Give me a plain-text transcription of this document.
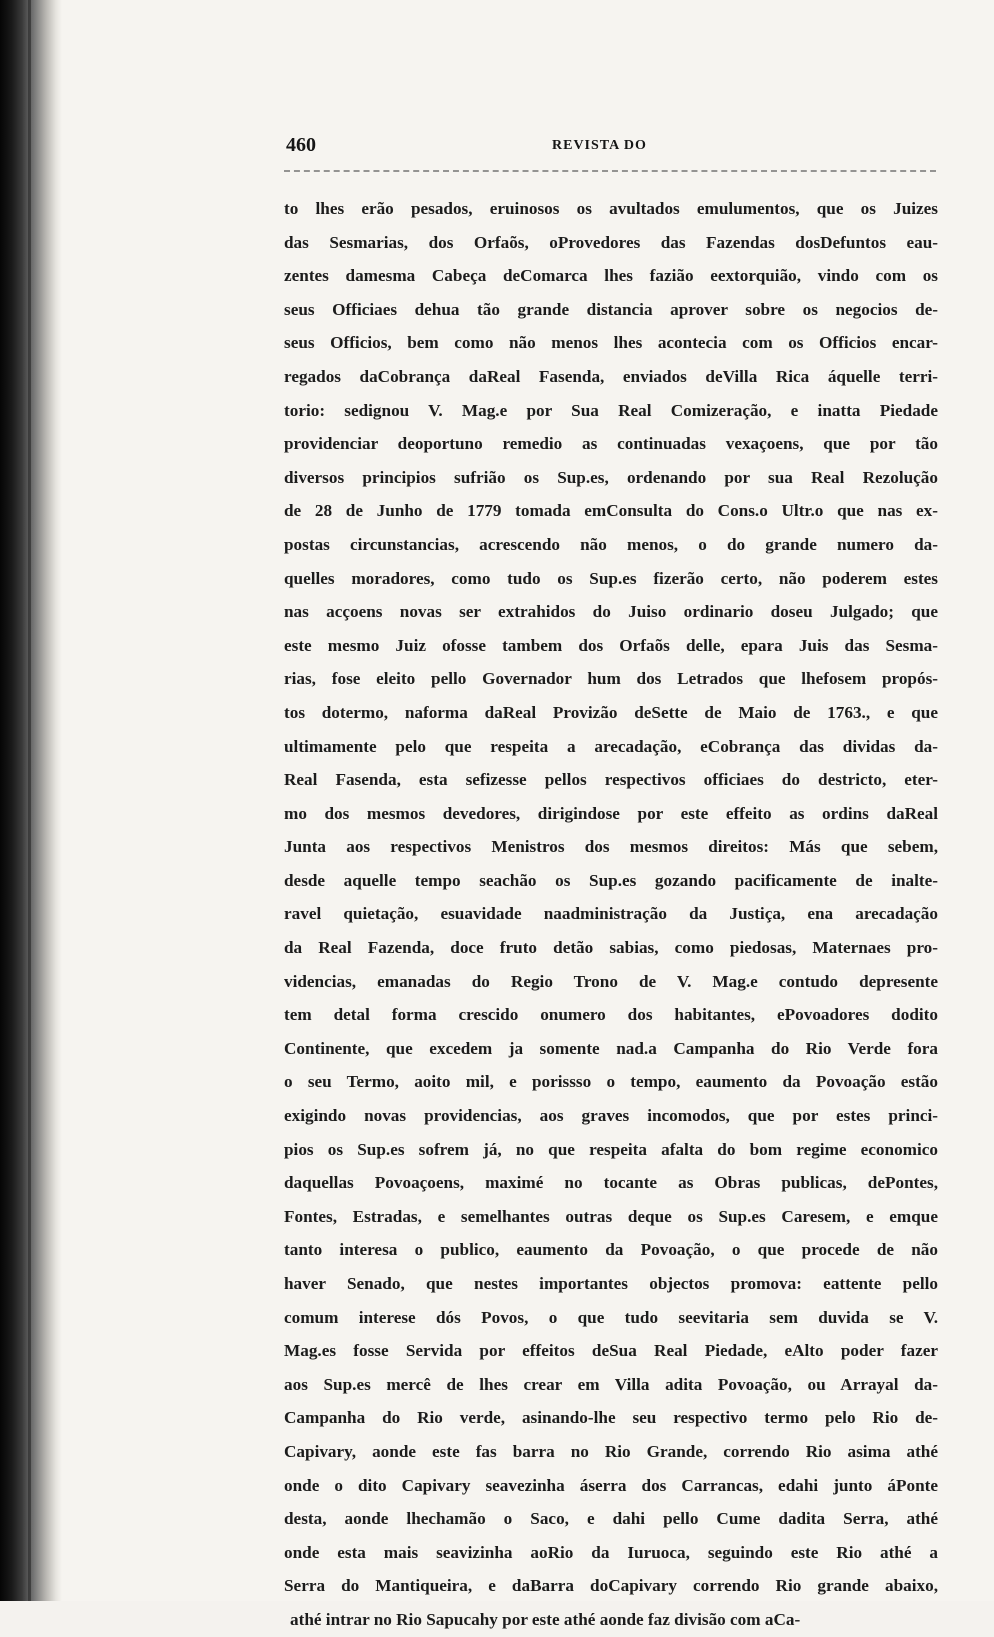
460	REVISTA DO
to lhes erão pesados, eruinosos os avultados emulumentos, que os Juizes
das Sesmarias, dos Orfaõs, oProvedores das Fazendas dosDefuntos eau-
zentes damesma Cabeça deComarca lhes fazião eextorquião, vindo com os
seus Officiaes dehua tão grande distancia aprover sobre os negocios de-
seus Officios, bem como não menos lhes acontecia com os Officios encar-
regados daCobrança daReal Fasenda, enviados deVilla Rica áquelle terri-
torio: sedignou V. Mag.e por Sua Real Comizeração, e inatta Piedade
providenciar deoportuno remedio as continuadas vexaçoens, que por tão
diversos principios sufrião os Sup.es, ordenando por sua Real Rezolução
de 28 de Junho de 1779 tomada emConsulta do Cons.o Ultr.o que nas ex-
postas circunstancias, acrescendo não menos, o do grande numero da-
quelles moradores, como tudo os Sup.es fizerão certo, não poderem estes
nas acçoens novas ser extrahidos do Juiso ordinario doseu Julgado; que
este mesmo Juiz ofosse tambem dos Orfaõs delle, epara Juis das Sesma-
rias, fose eleito pello Governador hum dos Letrados que lhefosem propós-
tos dotermo, naforma daReal Provizão deSette de Maio de 1763., e que
ultimamente pelo que respeita a arecadação, eCobrança das dividas da-
Real Fasenda, esta sefizesse pellos respectivos officiaes do destricto, eter-
mo dos mesmos devedores, dirigindose por este effeito as ordins daReal
Junta aos respectivos Menistros dos mesmos direitos: Más que sebem,
desde aquelle tempo seachão os Sup.es gozando pacificamente de inalte-
ravel quietação, esuavidade naadministração da Justiça, ena arecadação
da Real Fazenda, doce fruto detão sabias, como piedosas, Maternaes pro-
videncias, emanadas do Regio Trono de V. Mag.e contudo depresente
tem detal forma crescido onumero dos habitantes, ePovoadores dodito
Continente, que excedem ja somente nad.a Campanha do Rio Verde fora
o seu Termo, aoito mil, e porissso o tempo, eaumento da Povoação estão
exigindo novas providencias, aos graves incomodos, que por estes princi-
pios os Sup.es sofrem já, no que respeita afalta do bom regime economico
daquellas Povoaçoens, maximé no tocante as Obras publicas, dePontes,
Fontes, Estradas, e semelhantes outras deque os Sup.es Caresem, e emque
tanto interesa o publico, eaumento da Povoação, o que procede de não
haver Senado, que nestes importantes objectos promova: eattente pello
comum interese dós Povos, o que tudo seevitaria sem duvida se V.
Mag.es fosse Servida por effeitos deSua Real Piedade, eAlto poder fazer
aos Sup.es mercê de lhes crear em Villa adita Povoação, ou Arrayal da-
Campanha do Rio verde, asinando-lhe seu respectivo termo pelo Rio de-
Capivary, aonde este fas barra no Rio Grande, correndo Rio asima athé
onde o dito Capivary seavezinha áserra dos Carrancas, edahi junto áPonte
desta, aonde lhechamão o Saco, e dahi pello Cume dadita Serra, athé
onde esta mais seavizinha aoRio da Iuruoca, seguindo este Rio athé a
Serra do Mantiqueira, e daBarra doCapivary correndo Rio grande abaixo,
athé intrar no Rio Sapucahy por este athé aonde faz divisão com aCa-
